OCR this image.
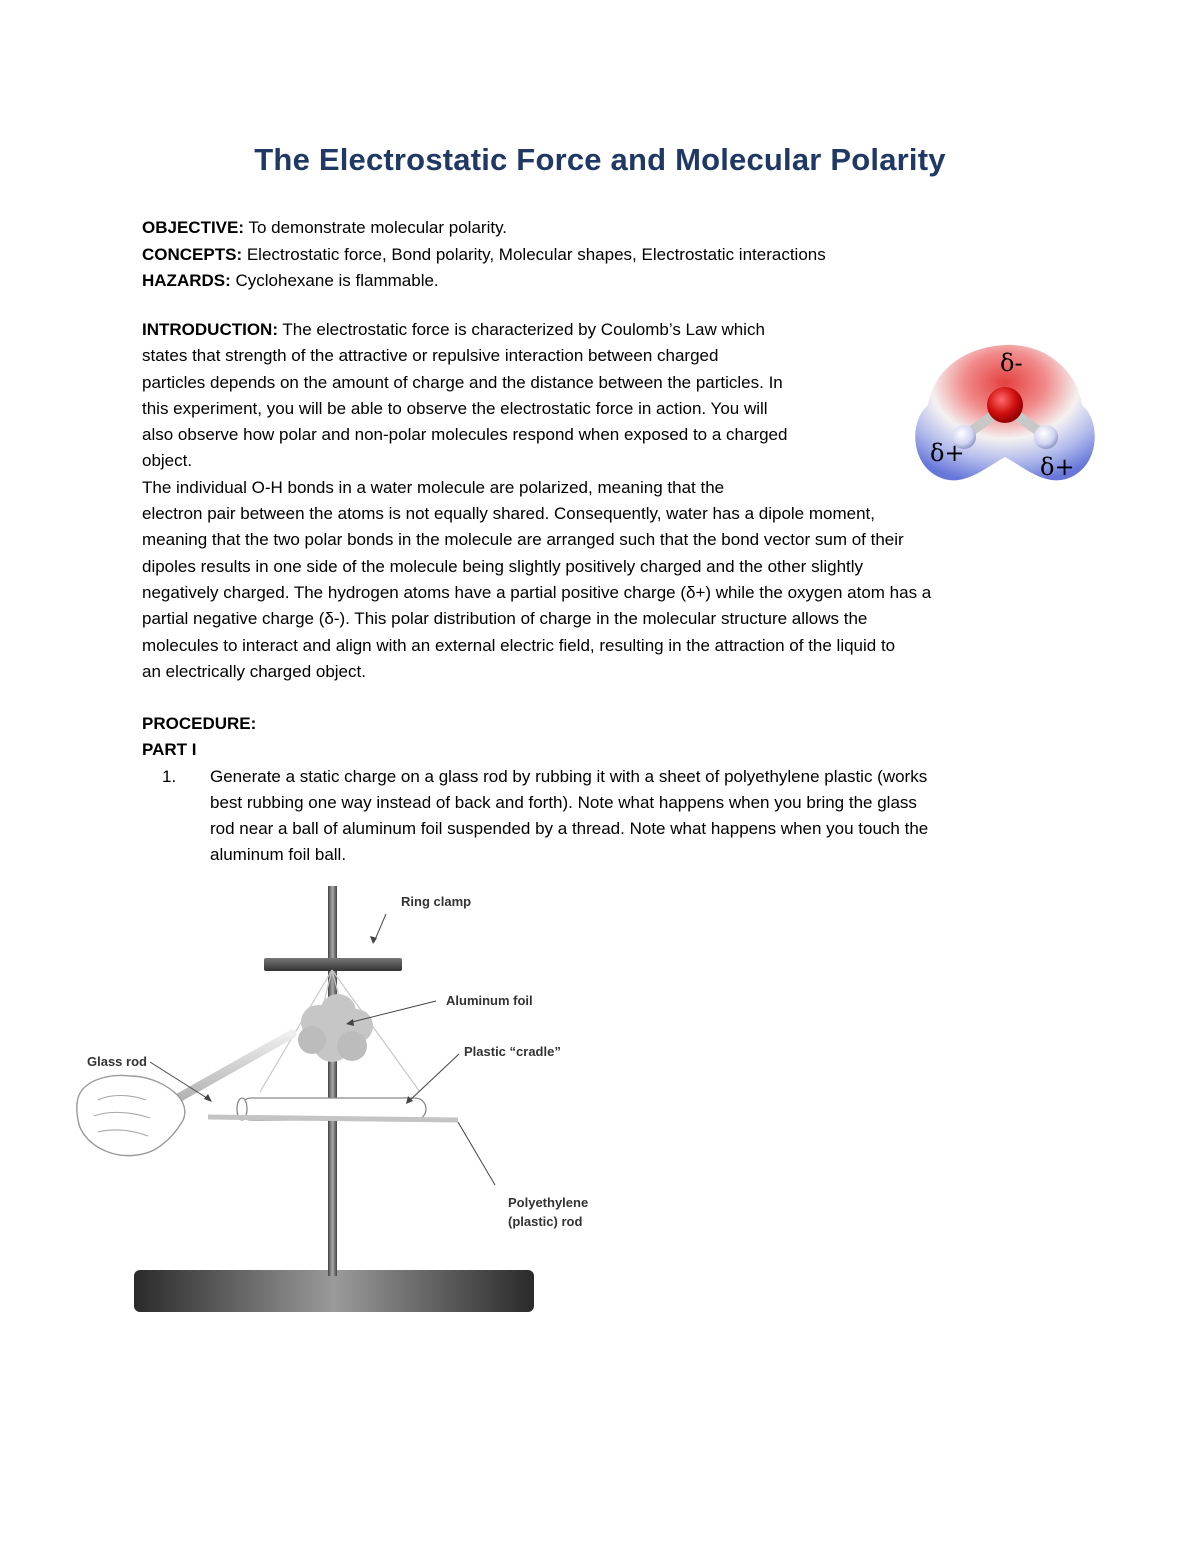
The Electrostatic Force and Molecular Polarity
OBJECTIVE: To demonstrate molecular polarity.
CONCEPTS: Electrostatic force, Bond polarity, Molecular shapes, Electrostatic interactions
HAZARDS: Cyclohexane is flammable.

INTRODUCTION: The electrostatic force is characterized by Coulomb’s Law which

states that strength of the attractive or repulsive interaction between charged

particles depends on the amount of charge and the distance between the particles. In

this experiment, you will be able to observe the electrostatic force in action. You will

also observe how polar and non-polar molecules respond when exposed to a charged

object.

The individual O-H bonds in a water molecule are polarized, meaning that the

electron pair between the atoms is not equally shared. Consequently, water has a dipole moment,

meaning that the two polar bonds in the molecule are arranged such that the bond vector sum of their

dipoles results in one side of the molecule being slightly positively charged and the other slightly

negatively charged. The hydrogen atoms have a partial positive charge (δ+) while the oxygen atom has a

partial negative charge (δ-). This polar distribution of charge in the molecular structure allows the

molecules to interact and align with an external electric field, resulting in the attraction of the liquid to

an electrically charged object.

δ-
δ+	δ+
PROCEDURE:
PART I
1. Generate a static charge on a glass rod by rubbing it with a sheet of polyethylene plastic (works
best rubbing one way instead of back and forth). Note what happens when you bring the glass
rod near a ball of aluminum foil suspended by a thread. Note what happens when you touch the
aluminum foil ball.
Ring clamp
Aluminum foil
Plastic “cradle”
Glass rod
Polyethylene
(plastic) rod
